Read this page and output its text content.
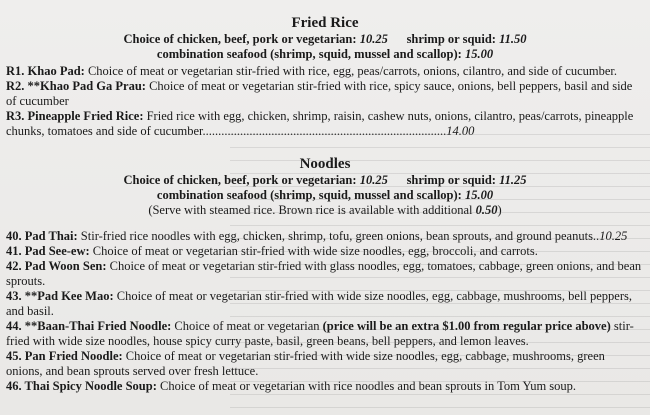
Fried Rice
Choice of chicken, beef, pork or vegetarian: 10.25 shrimp or squid: 11.50
combination seafood (shrimp, squid, mussel and scallop): 15.00

R1. Khao Pad: Choice of meat or vegetarian stir-fried with rice, egg, peas/carrots, onions, cilantro, and side of cucumber.

R2. **Khao Pad Ga Prau: Choice of meat or vegetarian stir-fried with rice, spicy sauce, onions, bell peppers, basil and side of cucumber

R3. Pineapple Fried Rice: Fried rice with egg, chicken, shrimp, raisin, cashew nuts, onions, cilantro, peas/carrots, pineapple chunks, tomatoes and side of cucumber..............................................................................14.00

Noodles
Choice of chicken, beef, pork or vegetarian: 10.25 shrimp or squid: 11.25
combination seafood (shrimp, squid, mussel and scallop): 15.00
(Serve with steamed rice. Brown rice is available with additional 0.50)

40. Pad Thai: Stir-fried rice noodles with egg, chicken, shrimp, tofu, green onions, bean sprouts, and ground peanuts..10.25

41. Pad See-ew: Choice of meat or vegetarian stir-fried with wide size noodles, egg, broccoli, and carrots.

42. Pad Woon Sen: Choice of meat or vegetarian stir-fried with glass noodles, egg, tomatoes, cabbage, green onions, and bean sprouts.

43. **Pad Kee Mao: Choice of meat or vegetarian stir-fried with wide size noodles, egg, cabbage, mushrooms, bell peppers, and basil.

44. **Baan-Thai Fried Noodle: Choice of meat or vegetarian (price will be an extra $1.00 from regular price above) stir-fried with wide size noodles, house spicy curry paste, basil, green beans, bell peppers, and lemon leaves.

45. Pan Fried Noodle: Choice of meat or vegetarian stir-fried with wide size noodles, egg, cabbage, mushrooms, green onions, and bean sprouts served over fresh lettuce.

46. Thai Spicy Noodle Soup: Choice of meat or vegetarian with rice noodles and bean sprouts in Tom Yum soup.
